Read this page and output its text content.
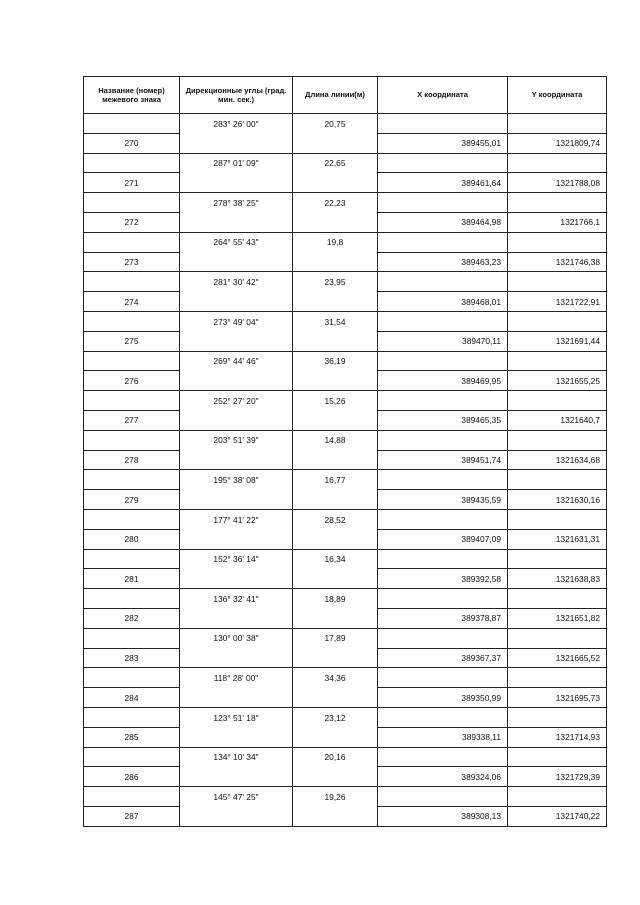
Название (номер) межевого знака	Дирекционные углы (град. мин. сек.)	Длина линии(м)	X координата	Y координата
	283° 26' 00"	20,75		
270			389455,01	1321809,74
	287° 01' 09"	22,65		
271			389461,64	1321788,08
	278° 38' 25"	22,23		
272			389464,98	1321766,1
	264° 55' 43"	19,8		
273			389463,23	1321746,38
	281° 30' 42"	23,95		
274			389468,01	1321722,91
	273° 49' 04"	31,54		
275			389470,11	1321691,44
	269° 44' 46"	36,19		
276			389469,95	1321655,25
	252° 27' 20"	15,26		
277			389465,35	1321640,7
	203° 51' 39"	14,88		
278			389451,74	1321634,68
	195° 38' 08"	16,77		
279			389435,59	1321630,16
	177° 41' 22"	28,52		
280			389407,09	1321631,31
	152° 36' 14"	16,34		
281			389392,58	1321638,83
	136° 32' 41"	18,89		
282			389378,87	1321651,82
	130° 00' 38"	17,89		
283			389367,37	1321665,52
	118° 28' 00"	34,36		
284			389350,99	1321695,73
	123° 51' 18"	23,12		
285			389338,11	1321714,93
	134° 10' 34"	20,16		
286			389324,06	1321729,39
	145° 47' 25"	19,26		
287			389308,13	1321740,22
